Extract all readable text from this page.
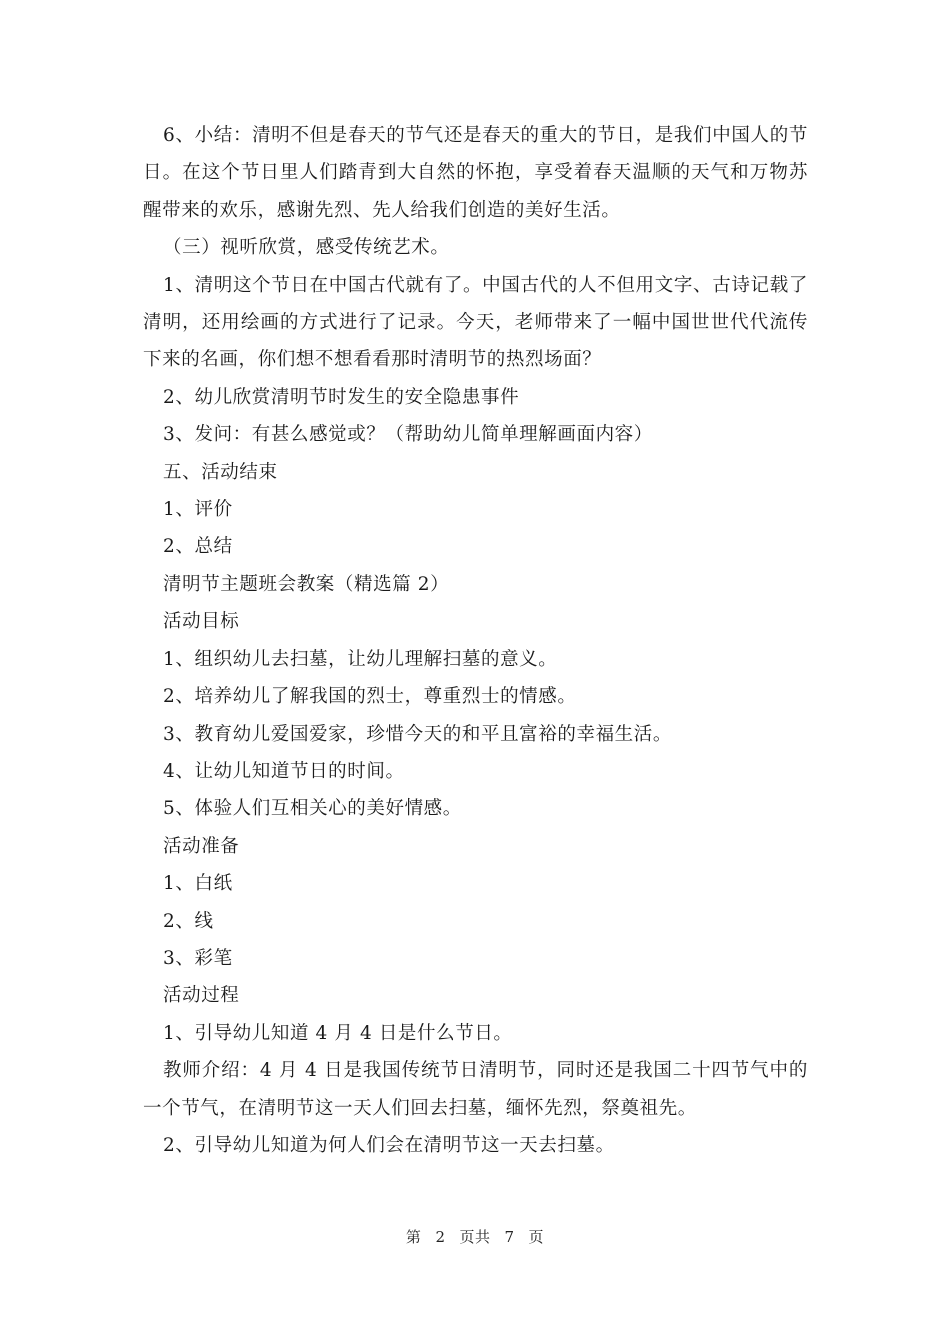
6、小结：清明不但是春天的节气还是春天的重大的节日，是我们中国人的节日。在这个节日里人们踏青到大自然的怀抱，享受着春天温顺的天气和万物苏醒带来的欢乐，感谢先烈、先人给我们创造的美好生活。

（三）视听欣赏，感受传统艺术。

1、清明这个节日在中国古代就有了。中国古代的人不但用文字、古诗记载了清明，还用绘画的方式进行了记录。今天，老师带来了一幅中国世世代代流传下来的名画，你们想不想看看那时清明节的热烈场面？

2、幼儿欣赏清明节时发生的安全隐患事件

3、发问：有甚么感觉或？（帮助幼儿简单理解画面内容）

五、活动结束

1、评价

2、总结

清明节主题班会教案（精选篇 2）

活动目标

1、组织幼儿去扫墓，让幼儿理解扫墓的意义。

2、培养幼儿了解我国的烈士，尊重烈士的情感。

3、教育幼儿爱国爱家，珍惜今天的和平且富裕的幸福生活。

4、让幼儿知道节日的时间。

5、体验人们互相关心的美好情感。

活动准备

1、白纸

2、线

3、彩笔

活动过程

1、引导幼儿知道 4 月 4 日是什么节日。

教师介绍：4 月 4 日是我国传统节日清明节，同时还是我国二十四节气中的一个节气，在清明节这一天人们回去扫墓，缅怀先烈，祭奠祖先。

2、引导幼儿知道为何人们会在清明节这一天去扫墓。

第 2 页共 7 页
